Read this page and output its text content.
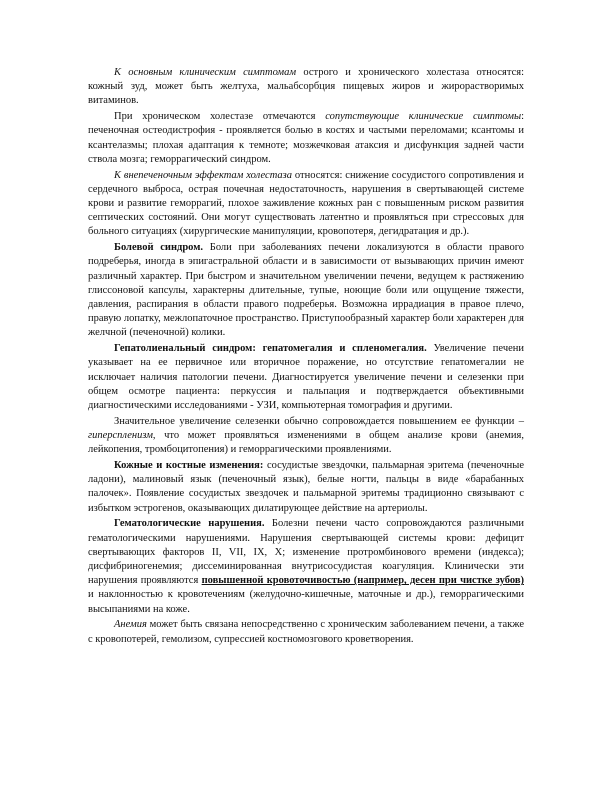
К основным клиническим симптомам острого и хронического холестаза относятся: кожный зуд, может быть желтуха, мальабсорбция пищевых жиров и жирорастворимых витаминов.

При хроническом холестазе отмечаются сопутствующие клинические симптомы: печеночная остеодистрофия - проявляется болью в костях и частыми переломами; ксантомы и ксантелазмы; плохая адаптация к темноте; мозжечковая атаксия и дисфункция задней части ствола мозга; геморрагический синдром.

К внепеченочным эффектам холестаза относятся: снижение сосудистого сопротивления и сердечного выброса, острая почечная недостаточность, нарушения в свертывающей системе крови и развитие геморрагий, плохое заживление кожных ран с повышенным риском развития септических состояний. Они могут существовать латентно и проявляться при стрессовых для больного ситуациях (хирургические манипуляции, кровопотеря, дегидратация и др.).

Болевой синдром. Боли при заболеваниях печени локализуются в области правого подреберья, иногда в эпигастральной области и в зависимости от вызывающих причин имеют различный характер. При быстром и значительном увеличении печени, ведущем к растяжению глиссоновой капсулы, характерны длительные, тупые, ноющие боли или ощущение тяжести, давления, распирания в области правого подреберья. Возможна иррадиация в правое плечо, правую лопатку, межлопаточное пространство. Приступообразный характер боли характерен для желчной (печеночной) колики.

Гепатолиенальный синдром: гепатомегалия и спленомегалия. Увеличение печени указывает на ее первичное или вторичное поражение, но отсутствие гепатомегалии не исключает наличия патологии печени. Диагностируется увеличение печени и селезенки при общем осмотре пациента: перкуссия и пальпация и подтверждается объективными диагностическими исследованиями - УЗИ, компьютерная томография и другими.

Значительное увеличение селезенки обычно сопровождается повышением ее функции – гиперспленизм, что может проявляться изменениями в общем анализе крови (анемия, лейкопения, тромбоцитопения) и геморрагическими проявлениями.

Кожные и костные изменения: сосудистые звездочки, пальмарная эритема (печеночные ладони), малиновый язык (печеночный язык), белые ногти, пальцы в виде «барабанных палочек». Появление сосудистых звездочек и пальмарной эритемы традиционно связывают с избытком эстрогенов, оказывающих дилатирующее действие на артериолы.

Гематологические нарушения. Болезни печени часто сопровождаются различными гематологическими нарушениями. Нарушения свертывающей системы крови: дефицит свертывающих факторов II, VII, IX, X; изменение протромбинового времени (индекса); дисфибриногенемия; диссеминированная внутрисосудистая коагуляция. Клинически эти нарушения проявляются повышенной кровоточивостью (например, десен при чистке зубов) и наклонностью к кровотечениям (желудочно-кишечные, маточные и др.), геморрагическими высыпаниями на коже.

Анемия может быть связана непосредственно с хроническим заболеванием печени, а также с кровопотерей, гемолизом, супрессией костномозгового кроветворения.
